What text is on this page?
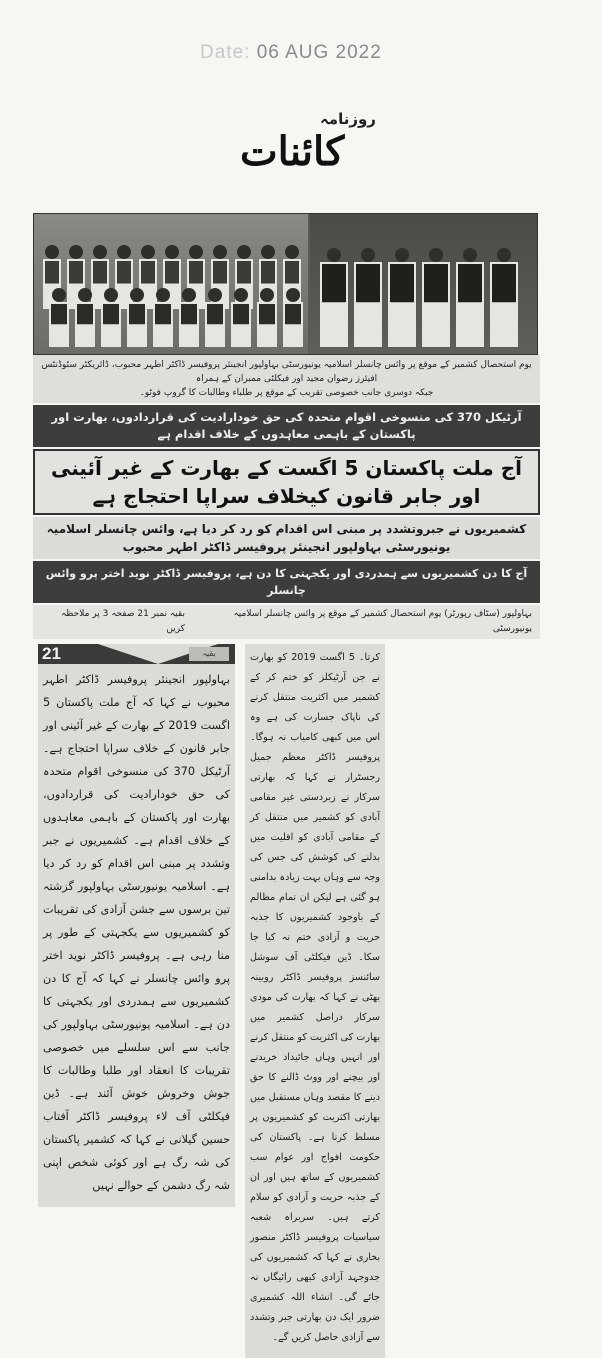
Date: 06 AUG 2022
روزنامہ
کائنات
یوم استحصال کشمیر کے موقع پر وائس چانسلر اسلامیہ یونیورسٹی بہاولپور انجینئر پروفیسر ڈاکٹر اطہر محبوب، ڈائریکٹر سٹوڈنٹس افیئرز رضوان مجید اور فیکلٹی ممبران کے ہمراہ
جبکہ دوسری جانب خصوصی تقریب کے موقع پر طلباء وطالبات کا گروپ فوٹو۔
آرٹیکل 370 کی منسوخی اقوام متحدہ کی حق خودارادیت کی قراردادوں، بھارت اور پاکستان کے باہمی معاہدوں کے خلاف اقدام ہے
آج ملت پاکستان 5 اگست کے بھارت کے غیر آئینی اور جابر قانون کیخلاف سراپا احتجاج ہے
کشمیریوں نے جبروتشدد پر مبنی اس اقدام کو رد کر دیا ہے، وائس چانسلر اسلامیہ یونیورسٹی بہاولپور انجینئر پروفیسر ڈاکٹر اطہر محبوب
آج کا دن کشمیریوں سے ہمدردی اور یکجہتی کا دن ہے، پروفیسر ڈاکٹر نوید اختر پرو وائس چانسلر
بہاولپور (سٹاف رپورٹر) یوم استحصال کشمیر کے موقع پر وائس چانسلر اسلامیہ یونیورسٹی
بقیہ نمبر 21 صفحہ 3 پر ملاحظہ کریں
21	بقیہ
بہاولپور انجینئر پروفیسر ڈاکٹر اطہر محبوب نے کہا کہ آج ملت پاکستان 5 اگست 2019 کے بھارت کے غیر آئینی اور جابر قانون کے خلاف سراپا احتجاج ہے۔ آرٹیکل 370 کی منسوخی اقوام متحدہ کی حق خودارادیت کی قراردادوں، بھارت اور پاکستان کے باہمی معاہدوں کے خلاف اقدام ہے۔ کشمیریوں نے جبر وتشدد پر مبنی اس اقدام کو رد کر دیا ہے۔ اسلامیہ یونیورسٹی بہاولپور گزشتہ تین برسوں سے جشن آزادی کی تقریبات کو کشمیریوں سے یکجہتی کے طور پر منا رہی ہے۔ پروفیسر ڈاکٹر نوید اختر پرو وائس چانسلر نے کہا کہ آج کا دن کشمیریوں سے ہمدردی اور یکجہتی کا دن ہے۔ اسلامیہ یونیورسٹی بہاولپور کی جانب سے اس سلسلے میں خصوصی تقریبات کا انعقاد اور طلبا وطالبات کا جوش وخروش خوش آئند ہے۔ ڈین فیکلٹی آف لاء پروفیسر ڈاکٹر آفتاب حسین گیلانی نے کہا کہ کشمیر پاکستان کی شہ رگ ہے اور کوئی شخص اپنی شہ رگ دشمن کے حوالے نہیں
کرتا۔ 5 اگست 2019 کو بھارت نے جن آرٹیکلز کو ختم کر کے کشمیر میں اکثریت منتقل کرنے کی ناپاک جسارت کی ہے وہ اس میں کبھی کامیاب نہ ہوگا۔ پروفیسر ڈاکٹر معظم جمیل رجسٹرار نے کہا کہ بھارتی سرکار نے زبردستی غیر مقامی آبادی کو کشمیر میں منتقل کر کے مقامی آبادی کو اقلیت میں بدلنے کی کوشش کی جس کی وجہ سے وہاں بہت زیادہ بدامنی ہو گئی ہے لیکن ان تمام مظالم کے باوجود کشمیریوں کا جذبہ حریت و آزادی ختم نہ کیا جا سکا۔ ڈین فیکلٹی آف سوشل سائنسز پروفیسر ڈاکٹر روبینہ بھٹی نے کہا کہ بھارت کی مودی سرکار دراصل کشمیر میں بھارت کی اکثریت کو منتقل کرنے اور انہیں وہاں جائیداد خریدنے اور بیچنے اور ووٹ ڈالنے کا حق دینے کا مقصد وہاں مستقبل میں بھارتی اکثریت کو کشمیریوں پر مسلط کرنا ہے۔ پاکستان کی حکومت افواج اور عوام سب کشمیریوں کے ساتھ ہیں اور ان کے جذبہ حریت و آزادی کو سلام کرتے ہیں۔ سربراہ شعبہ سیاسیات پروفیسر ڈاکٹر منصور بخاری نے کہا کہ کشمیریوں کی جدوجہد آزادی کبھی رائیگاں نہ جائے گی۔ انشاء اللہ کشمیری ضرور ایک دن بھارتی جبر وتشدد سے آزادی حاصل کریں گے۔
